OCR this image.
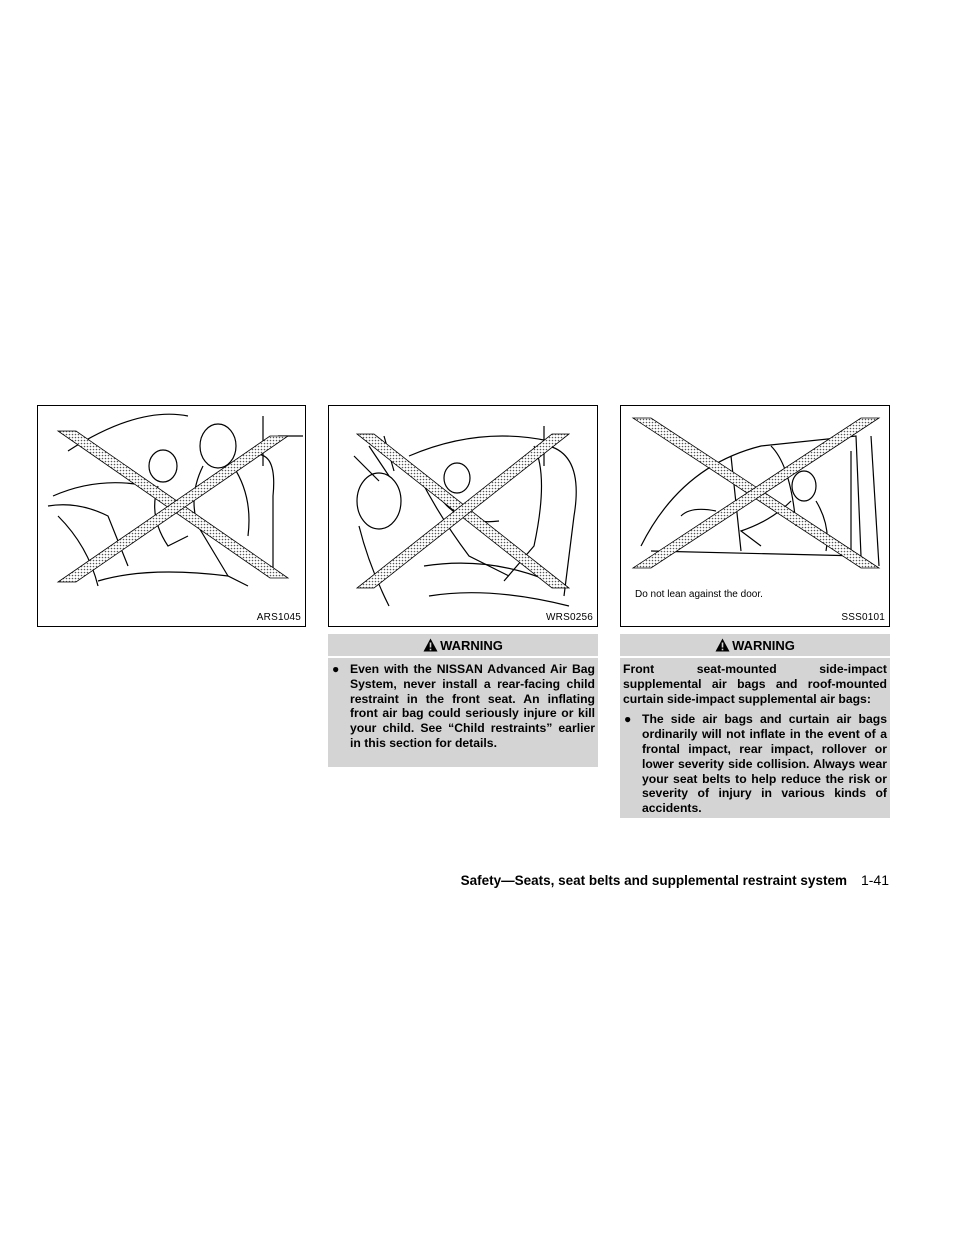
ARS1045	WRS0256
Do not lean against the door.
SSS0101
WARNING
● Even with the NISSAN Advanced Air Bag System, never install a rear-facing child restraint in the front seat. An inflating front air bag could seriously injure or kill your child. See “Child restraints” earlier in this section for details.
WARNING

Front seat-mounted side-impact supplemental air bags and roof-mounted curtain side-impact supplemental air bags:

● The side air bags and curtain air bags ordinarily will not inflate in the event of a frontal impact, rear impact, rollover or lower severity side collision. Always wear your seat belts to help reduce the risk or severity of injury in various kinds of accidents.
Safety—Seats, seat belts and supplemental restraint system 1-41
